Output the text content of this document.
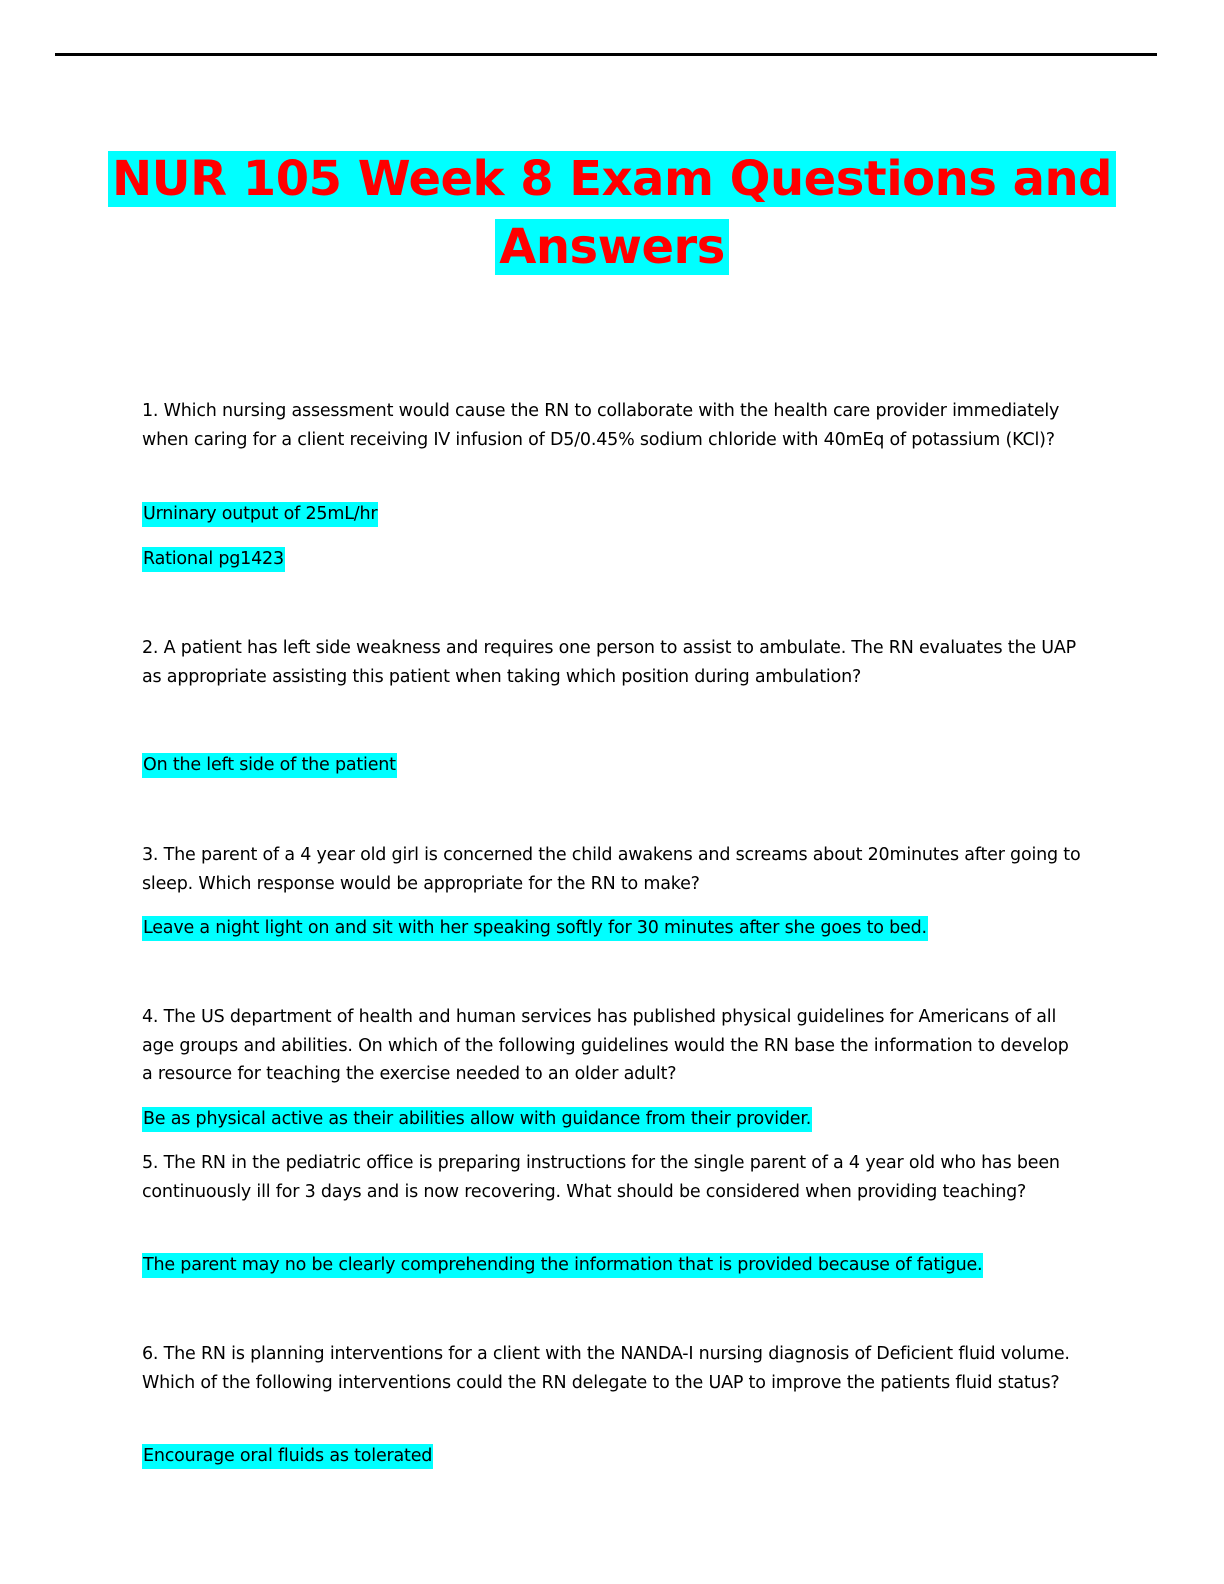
NUR 105 Week 8 Exam Questions and
Answers
1. Which nursing assessment would cause the RN to collaborate with the health care provider immediately when caring for a client receiving IV infusion of D5/0.45% sodium chloride with 40mEq of potassium (KCl)?
Urninary output of 25mL/hr
Rational pg1423
2. A patient has left side weakness and requires one person to assist to ambulate. The RN evaluates the UAP as appropriate assisting this patient when taking which position during ambulation?
On the left side of the patient
3. The parent of a 4 year old girl is concerned the child awakens and screams about 20minutes after going to sleep. Which response would be appropriate for the RN to make?
Leave a night light on and sit with her speaking softly for 30 minutes after she goes to bed.
4. The US department of health and human services has published physical guidelines for Americans of all age groups and abilities. On which of the following guidelines would the RN base the information to develop a resource for teaching the exercise needed to an older adult?
Be as physical active as their abilities allow with guidance from their provider.
5. The RN in the pediatric office is preparing instructions for the single parent of a 4 year old who has been continuously ill for 3 days and is now recovering. What should be considered when providing teaching?
The parent may no be clearly comprehending the information that is provided because of fatigue.
6. The RN is planning interventions for a client with the NANDA-I nursing diagnosis of Deficient fluid volume. Which of the following interventions could the RN delegate to the UAP to improve the patients fluid status?
Encourage oral fluids as tolerated
